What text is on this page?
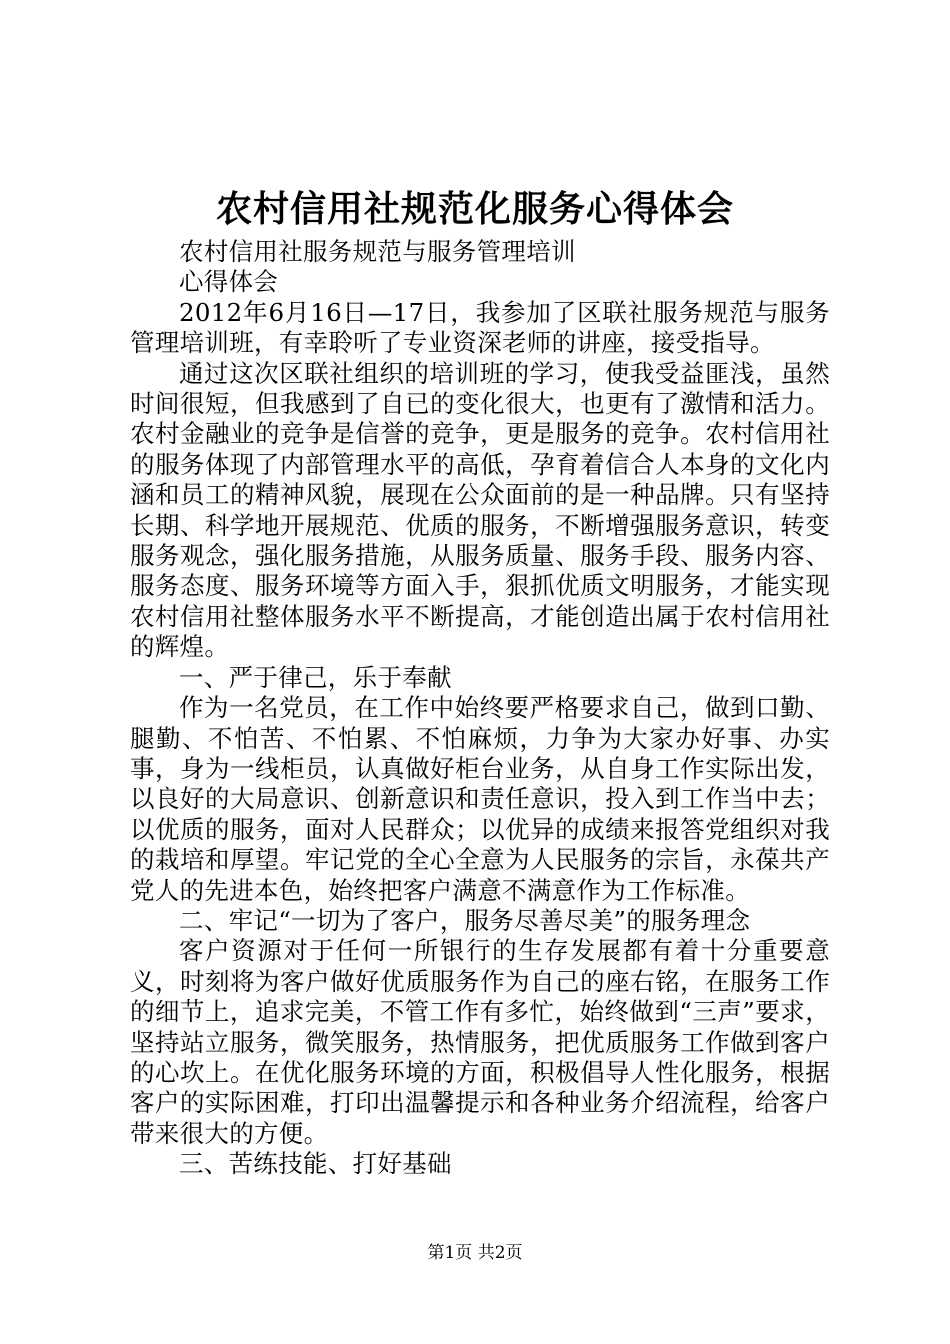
农村信用社规范化服务心得体会

农村信用社服务规范与服务管理培训

心得体会

2012年6月16日—17日，我参加了区联社服务规范与服务管理培训班，有幸聆听了专业资深老师的讲座，接受指导。

通过这次区联社组织的培训班的学习，使我受益匪浅，虽然时间很短，但我感到了自已的变化很大，也更有了激情和活力。农村金融业的竞争是信誉的竞争，更是服务的竞争。农村信用社的服务体现了内部管理水平的高低，孕育着信合人本身的文化内涵和员工的精神风貌，展现在公众面前的是一种品牌。只有坚持长期、科学地开展规范、优质的服务，不断增强服务意识，转变服务观念，强化服务措施，从服务质量、服务手段、服务内容、服务态度、服务环境等方面入手，狠抓优质文明服务，才能实现农村信用社整体服务水平不断提高，才能创造出属于农村信用社的辉煌。

一、严于律己，乐于奉献

作为一名党员，在工作中始终要严格要求自己，做到口勤、腿勤、不怕苦、不怕累、不怕麻烦，力争为大家办好事、办实事，身为一线柜员，认真做好柜台业务，从自身工作实际出发，以良好的大局意识、创新意识和责任意识，投入到工作当中去；以优质的服务，面对人民群众；以优异的成绩来报答党组织对我的栽培和厚望。牢记党的全心全意为人民服务的宗旨，永葆共产党人的先进本色，始终把客户满意不满意作为工作标准。

二、牢记“一切为了客户，服务尽善尽美”的服务理念

客户资源对于任何一所银行的生存发展都有着十分重要意义，时刻将为客户做好优质服务作为自己的座右铭，在服务工作的细节上，追求完美，不管工作有多忙，始终做到“三声”要求，坚持站立服务，微笑服务，热情服务，把优质服务工作做到客户的心坎上。在优化服务环境的方面，积极倡导人性化服务，根据客户的实际困难，打印出温馨提示和各种业务介绍流程，给客户带来很大的方便。

三、苦练技能、打好基础

第1页 共2页
